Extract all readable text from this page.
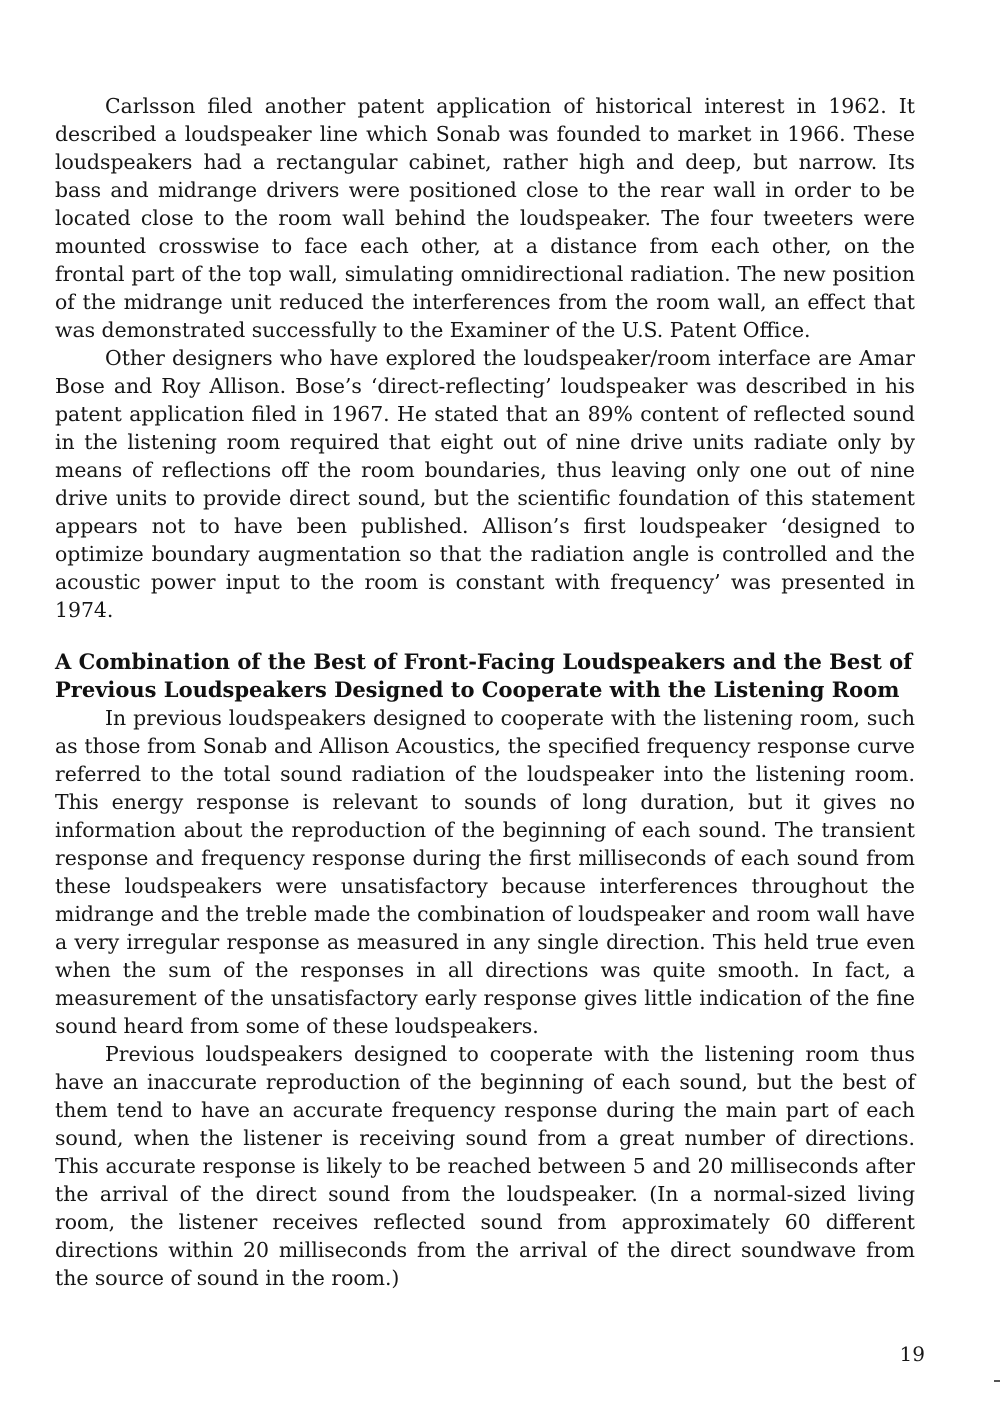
Carlsson filed another patent application of historical interest in 1962. It described a loudspeaker line which Sonab was founded to market in 1966. These loudspeakers had a rectangular cabinet, rather high and deep, but narrow. Its bass and midrange drivers were positioned close to the rear wall in order to be located close to the room wall behind the loudspeaker. The four tweeters were mounted crosswise to face each other, at a distance from each other, on the frontal part of the top wall, simulating omnidirectional radiation. The new position of the midrange unit reduced the interferences from the room wall, an effect that was demonstrated successfully to the Examiner of the U.S. Patent Office.

Other designers who have explored the loudspeaker/room interface are Amar Bose and Roy Allison. Bose’s ‘direct-reflecting’ loudspeaker was described in his patent application filed in 1967. He stated that an 89% content of reflected sound in the listening room required that eight out of nine drive units radiate only by means of reflections off the room boundaries, thus leaving only one out of nine drive units to provide direct sound, but the scientific foundation of this statement appears not to have been published. Allison’s first loudspeaker ‘designed to optimize boundary augmentation so that the radiation angle is controlled and the acoustic power input to the room is constant with frequency’ was presented in 1974.

A Combination of the Best of Front-Facing Loudspeakers and the Best of Previous Loudspeakers Designed to Cooperate with the Listening Room

In previous loudspeakers designed to cooperate with the listening room, such as those from Sonab and Allison Acoustics, the specified frequency response curve referred to the total sound radiation of the loudspeaker into the listening room. This energy response is relevant to sounds of long duration, but it gives no information about the reproduction of the beginning of each sound. The transient response and frequency response during the first milliseconds of each sound from these loudspeakers were unsatisfactory because interferences throughout the midrange and the treble made the combination of loudspeaker and room wall have a very irregular response as measured in any single direction. This held true even when the sum of the responses in all directions was quite smooth. In fact, a measurement of the unsatisfactory early response gives little indication of the fine sound heard from some of these loudspeakers.

Previous loudspeakers designed to cooperate with the listening room thus have an inaccurate reproduction of the beginning of each sound, but the best of them tend to have an accurate frequency response during the main part of each sound, when the listener is receiving sound from a great number of directions. This accurate response is likely to be reached between 5 and 20 milliseconds after the arrival of the direct sound from the loudspeaker. (In a normal-sized living room, the listener receives reflected sound from approximately 60 different directions within 20 milliseconds from the arrival of the direct soundwave from the source of sound in the room.)

19
